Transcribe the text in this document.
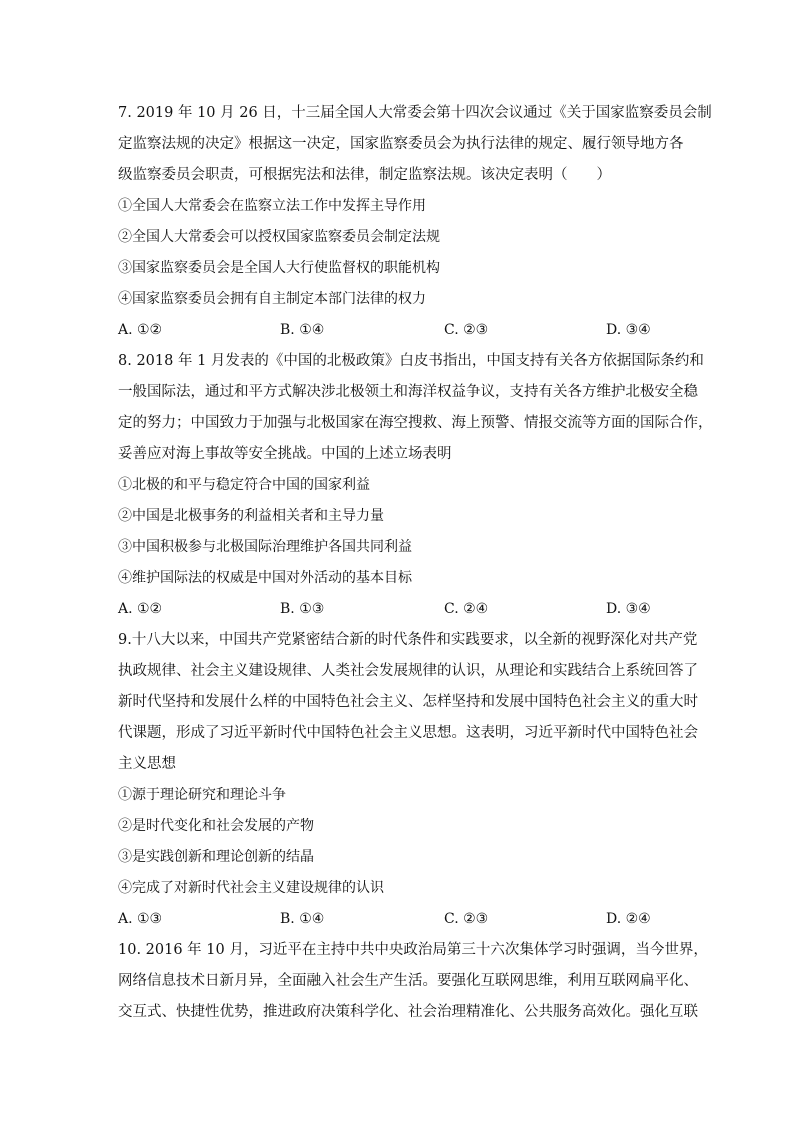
7. 2019 年 10 月 26 日，十三届全国人大常委会第十四次会议通过《关于国家监察委员会制
定监察法规的决定》根据这一决定，国家监察委员会为执行法律的规定、履行领导地方各
级监察委员会职责，可根据宪法和法律，制定监察法规。该决定表明（　　）
①全国人大常委会在监察立法工作中发挥主导作用
②全国人大常委会可以授权国家监察委员会制定法规
③国家监察委员会是全国人大行使监督权的职能机构
④国家监察委员会拥有自主制定本部门法律的权力
A. ①②	B. ①④	C. ②③	D. ③④
8. 2018 年 1 月发表的《中国的北极政策》白皮书指出，中国支持有关各方依据国际条约和
一般国际法，通过和平方式解决涉北极领土和海洋权益争议，支持有关各方维护北极安全稳
定的努力；中国致力于加强与北极国家在海空搜救、海上预警、情报交流等方面的国际合作，
妥善应对海上事故等安全挑战。中国的上述立场表明
①北极的和平与稳定符合中国的国家利益
②中国是北极事务的利益相关者和主导力量
③中国积极参与北极国际治理维护各国共同利益
④维护国际法的权威是中国对外活动的基本目标
A. ①②	B. ①③	C. ②④	D. ③④
9.十八大以来，中国共产党紧密结合新的时代条件和实践要求，以全新的视野深化对共产党
执政规律、社会主义建设规律、人类社会发展规律的认识，从理论和实践结合上系统回答了
新时代坚持和发展什么样的中国特色社会主义、怎样坚持和发展中国特色社会主义的重大时
代课题，形成了习近平新时代中国特色社会主义思想。这表明，习近平新时代中国特色社会
主义思想
①源于理论研究和理论斗争
②是时代变化和社会发展的产物
③是实践创新和理论创新的结晶
④完成了对新时代社会主义建设规律的认识
A. ①③	B. ①④	C. ②③	D. ②④
10. 2016 年 10 月，习近平在主持中共中央政治局第三十六次集体学习时强调，当今世界，
网络信息技术日新月异，全面融入社会生产生活。要强化互联网思维，利用互联网扁平化、
交互式、快捷性优势，推进政府决策科学化、社会治理精准化、公共服务高效化。强化互联
